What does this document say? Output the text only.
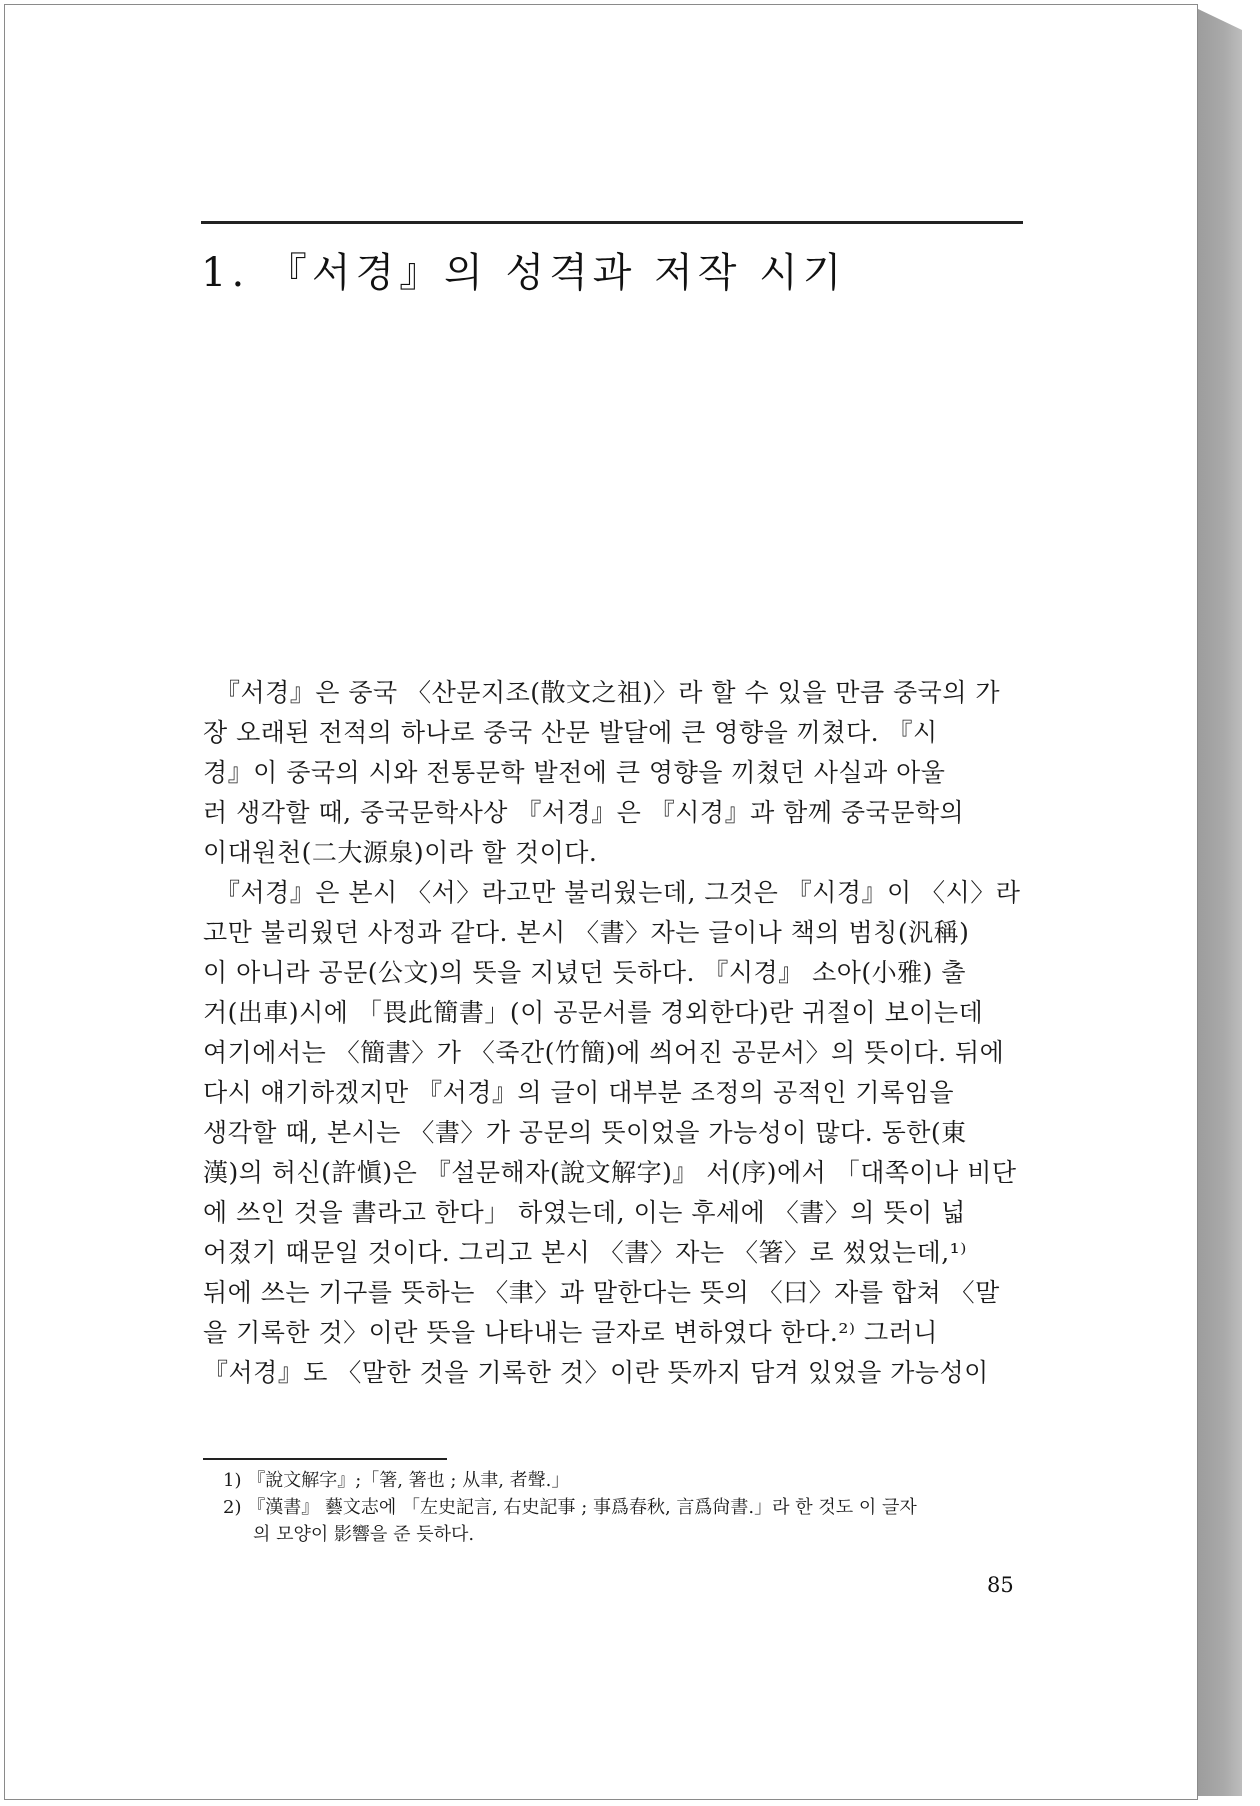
1. 『서경』의 성격과 저작 시기
『서경』은 중국 〈산문지조(散文之祖)〉라 할 수 있을 만큼 중국의 가
장 오래된 전적의 하나로 중국 산문 발달에 큰 영향을 끼쳤다. 『시
경』이 중국의 시와 전통문학 발전에 큰 영향을 끼쳤던 사실과 아울
러 생각할 때, 중국문학사상 『서경』은 『시경』과 함께 중국문학의
이대원천(二大源泉)이라 할 것이다.
『서경』은 본시 〈서〉라고만 불리웠는데, 그것은 『시경』이 〈시〉라
고만 불리웠던 사정과 같다. 본시 〈書〉자는 글이나 책의 범칭(汎稱)
이 아니라 공문(公文)의 뜻을 지녔던 듯하다. 『시경』 소아(小雅) 출
거(出車)시에 「畏此簡書」(이 공문서를 경외한다)란 귀절이 보이는데
여기에서는 〈簡書〉가 〈죽간(竹簡)에 씌어진 공문서〉의 뜻이다. 뒤에
다시 얘기하겠지만 『서경』의 글이 대부분 조정의 공적인 기록임을
생각할 때, 본시는 〈書〉가 공문의 뜻이었을 가능성이 많다. 동한(東
漢)의 허신(許愼)은 『설문해자(說文解字)』 서(序)에서 「대쪽이나 비단
에 쓰인 것을 書라고 한다」 하였는데, 이는 후세에 〈書〉의 뜻이 넓
어졌기 때문일 것이다. 그리고 본시 〈書〉자는 〈箸〉로 썼었는데,¹⁾
뒤에 쓰는 기구를 뜻하는 〈聿〉과 말한다는 뜻의 〈曰〉자를 합쳐 〈말
을 기록한 것〉이란 뜻을 나타내는 글자로 변하였다 한다.²⁾ 그러니
『서경』도 〈말한 것을 기록한 것〉이란 뜻까지 담겨 있었을 가능성이
1) 『說文解字』;「箸, 箸也 ; 从聿, 者聲.」
2) 『漢書』 藝文志에 「左史記言, 右史記事 ; 事爲春秋, 言爲尙書.」라 한 것도 이 글자
의 모양이 影響을 준 듯하다.
85
